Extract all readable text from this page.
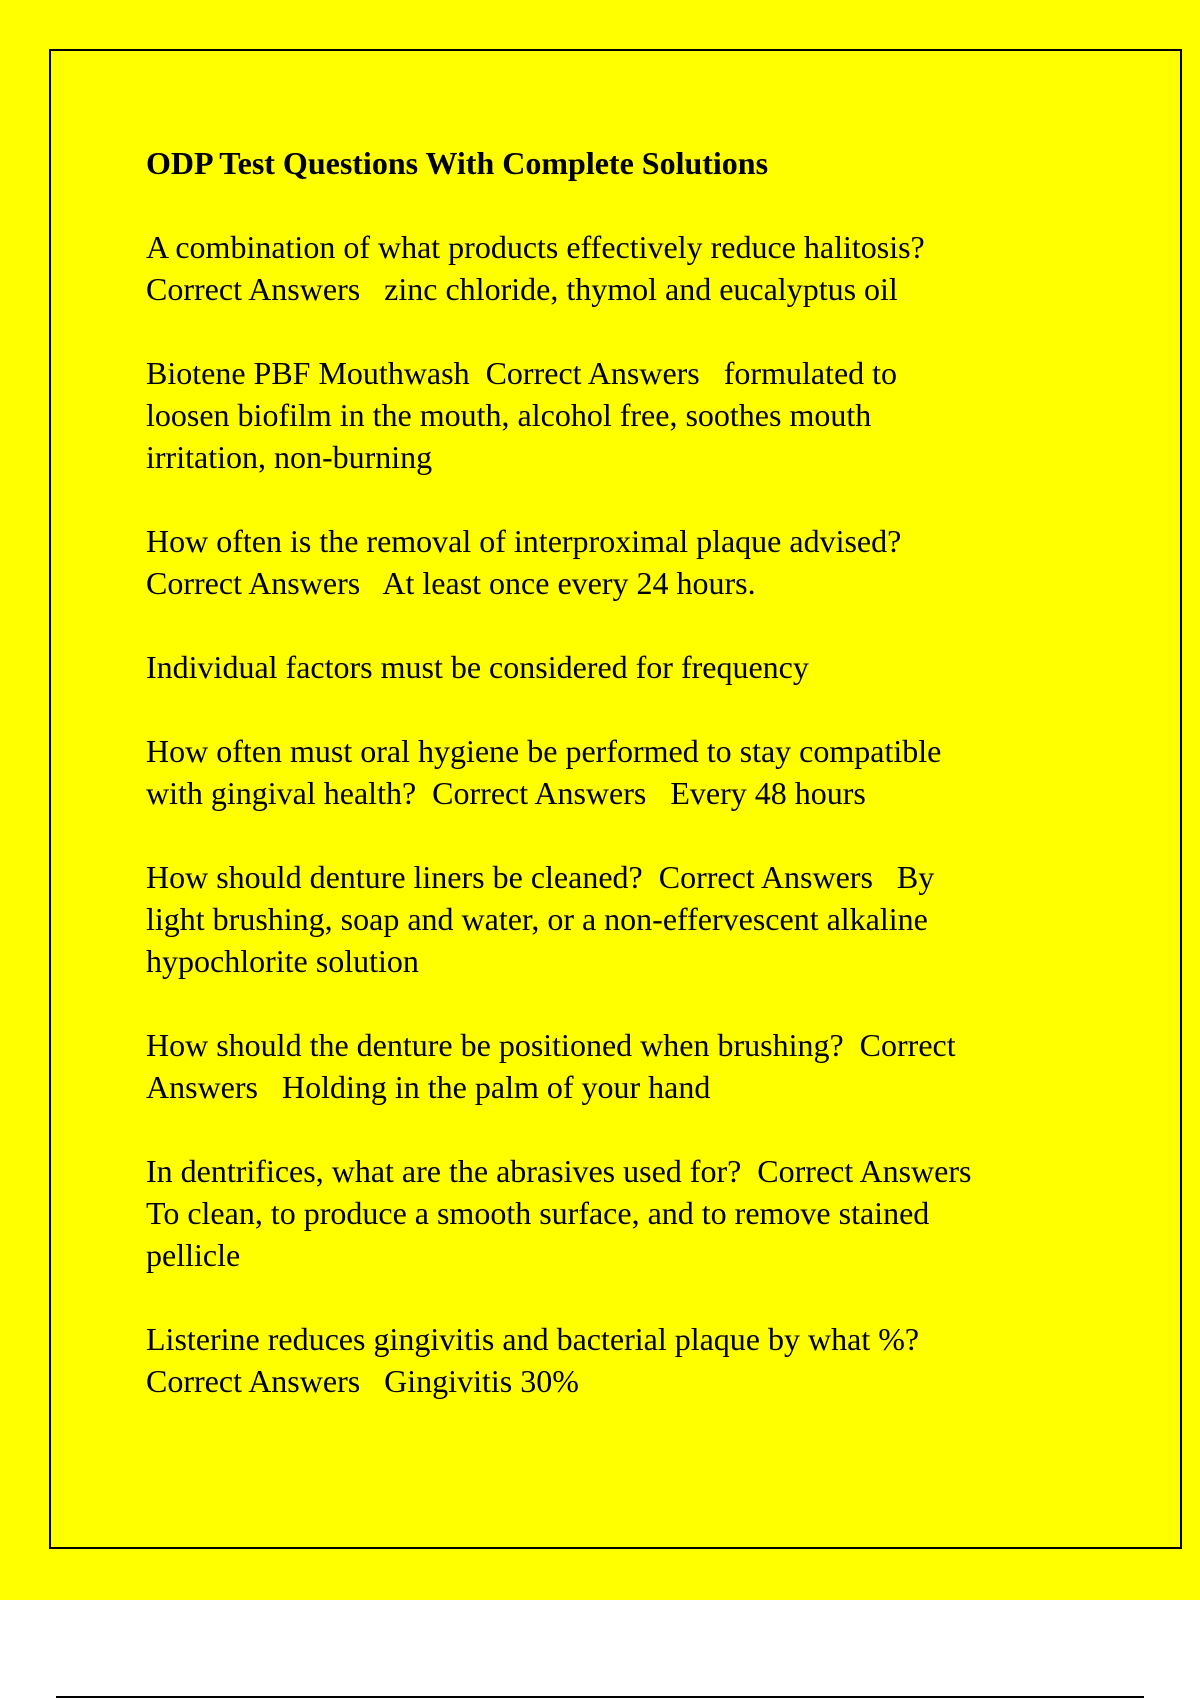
ODP Test Questions With Complete Solutions
A combination of what products effectively reduce halitosis?
Correct Answers   zinc chloride, thymol and eucalyptus oil
Biotene PBF Mouthwash  Correct Answers   formulated to
loosen biofilm in the mouth, alcohol free, soothes mouth
irritation, non-burning
How often is the removal of interproximal plaque advised?
Correct Answers   At least once every 24 hours.
Individual factors must be considered for frequency
How often must oral hygiene be performed to stay compatible
with gingival health?  Correct Answers   Every 48 hours
How should denture liners be cleaned?  Correct Answers   By
light brushing, soap and water, or a non-effervescent alkaline
hypochlorite solution
How should the denture be positioned when brushing?  Correct
Answers   Holding in the palm of your hand
In dentrifices, what are the abrasives used for?  Correct Answers
To clean, to produce a smooth surface, and to remove stained
pellicle
Listerine reduces gingivitis and bacterial plaque by what %?
Correct Answers   Gingivitis 30%
